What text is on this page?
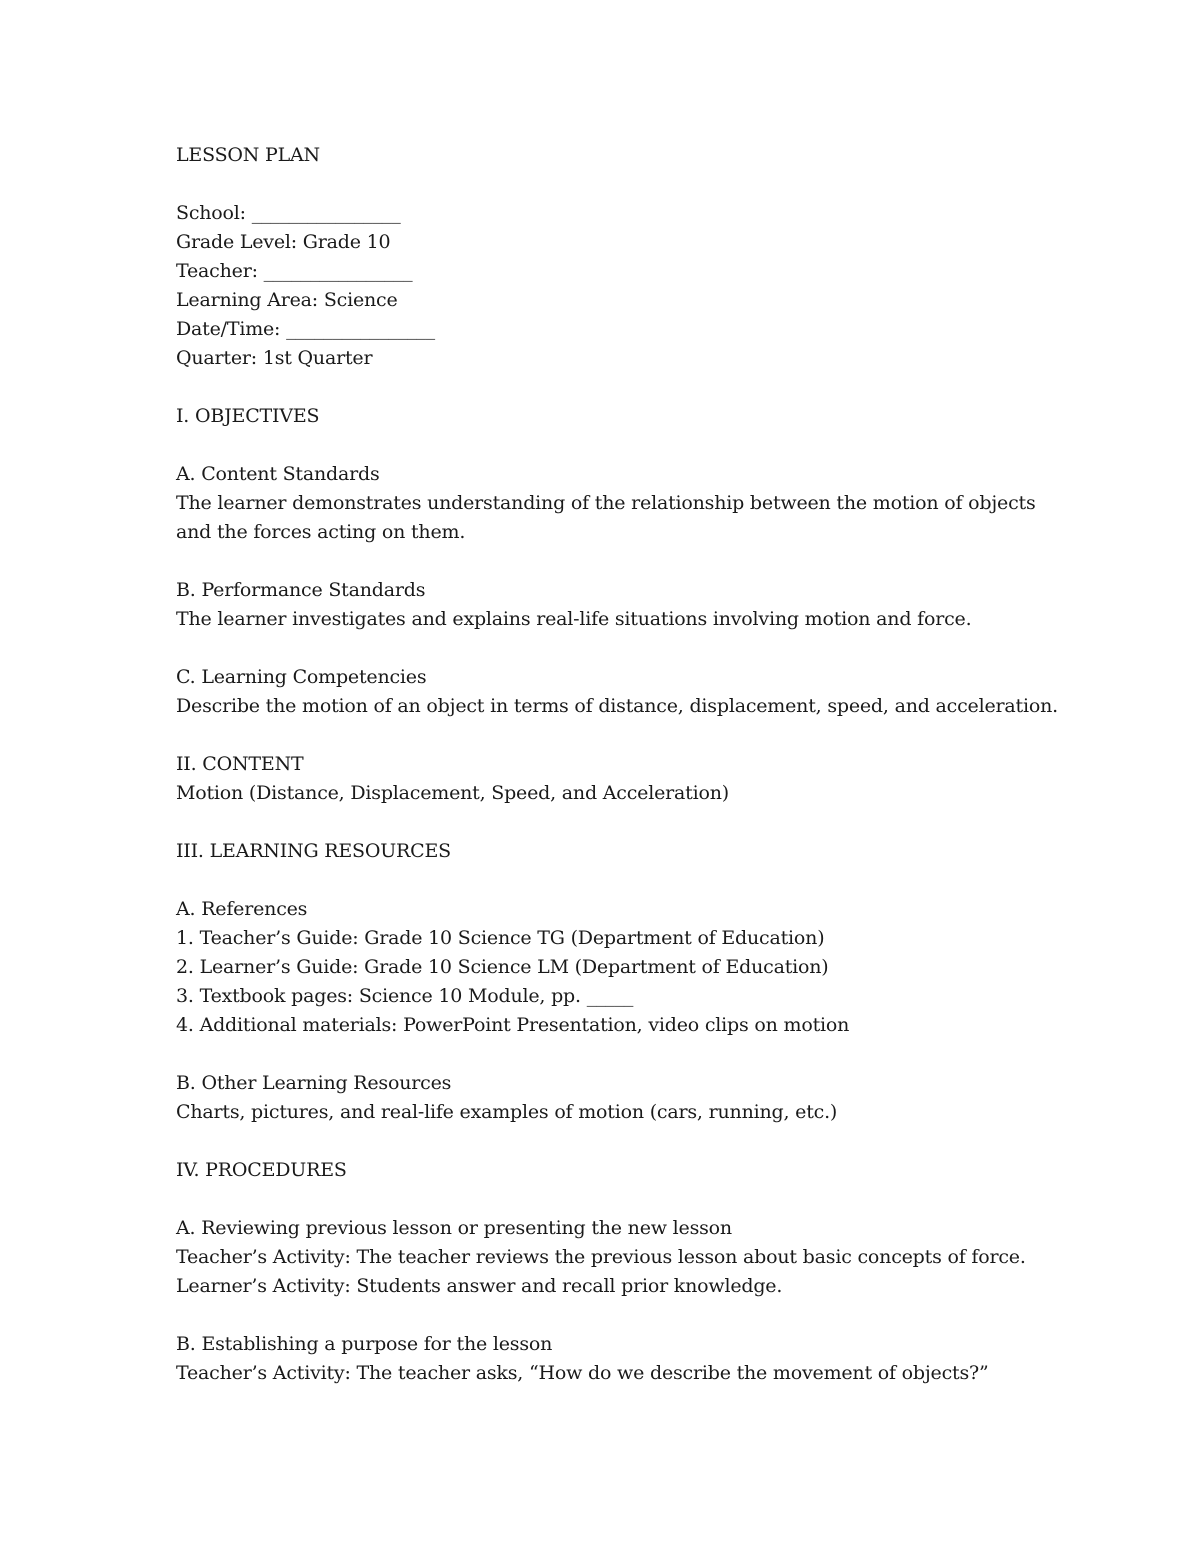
LESSON PLAN
School: ________________
Grade Level: Grade 10
Teacher: ________________
Learning Area: Science
Date/Time: ________________
Quarter: 1st Quarter
I. OBJECTIVES
A. Content Standards
The learner demonstrates understanding of the relationship between the motion of objects
and the forces acting on them.
B. Performance Standards
The learner investigates and explains real-life situations involving motion and force.
C. Learning Competencies
Describe the motion of an object in terms of distance, displacement, speed, and acceleration.
II. CONTENT
Motion (Distance, Displacement, Speed, and Acceleration)
III. LEARNING RESOURCES
A. References
1. Teacher’s Guide: Grade 10 Science TG (Department of Education)
2. Learner’s Guide: Grade 10 Science LM (Department of Education)
3. Textbook pages: Science 10 Module, pp. _____
4. Additional materials: PowerPoint Presentation, video clips on motion
B. Other Learning Resources
Charts, pictures, and real-life examples of motion (cars, running, etc.)
IV. PROCEDURES
A. Reviewing previous lesson or presenting the new lesson
Teacher’s Activity: The teacher reviews the previous lesson about basic concepts of force.
Learner’s Activity: Students answer and recall prior knowledge.
B. Establishing a purpose for the lesson
Teacher’s Activity: The teacher asks, “How do we describe the movement of objects?”
